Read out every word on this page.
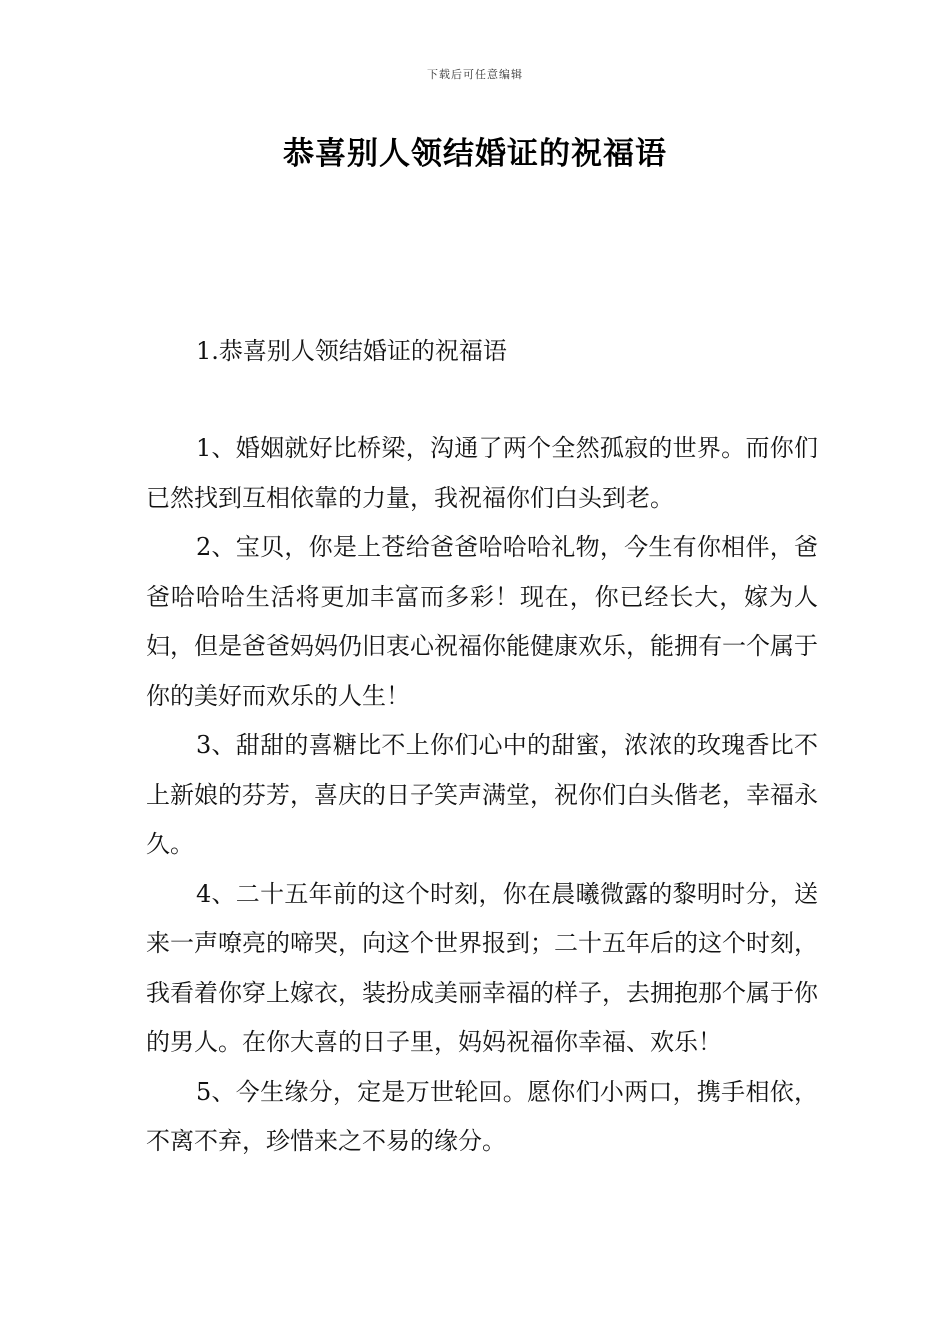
下载后可任意编辑
恭喜别人领结婚证的祝福语
1.恭喜别人领结婚证的祝福语

1、婚姻就好比桥梁，沟通了两个全然孤寂的世界。而你们已然找到互相依靠的力量，我祝福你们白头到老。

2、宝贝，你是上苍给爸爸哈哈哈礼物，今生有你相伴，爸爸哈哈哈生活将更加丰富而多彩！现在，你已经长大，嫁为人妇，但是爸爸妈妈仍旧衷心祝福你能健康欢乐，能拥有一个属于你的美好而欢乐的人生！

3、甜甜的喜糖比不上你们心中的甜蜜，浓浓的玫瑰香比不上新娘的芬芳，喜庆的日子笑声满堂，祝你们白头偕老，幸福永久。

4、二十五年前的这个时刻，你在晨曦微露的黎明时分，送来一声嘹亮的啼哭，向这个世界报到；二十五年后的这个时刻，我看着你穿上嫁衣，装扮成美丽幸福的样子，去拥抱那个属于你的男人。在你大喜的日子里，妈妈祝福你幸福、欢乐！

5、今生缘分，定是万世轮回。愿你们小两口，携手相依，不离不弃，珍惜来之不易的缘分。
